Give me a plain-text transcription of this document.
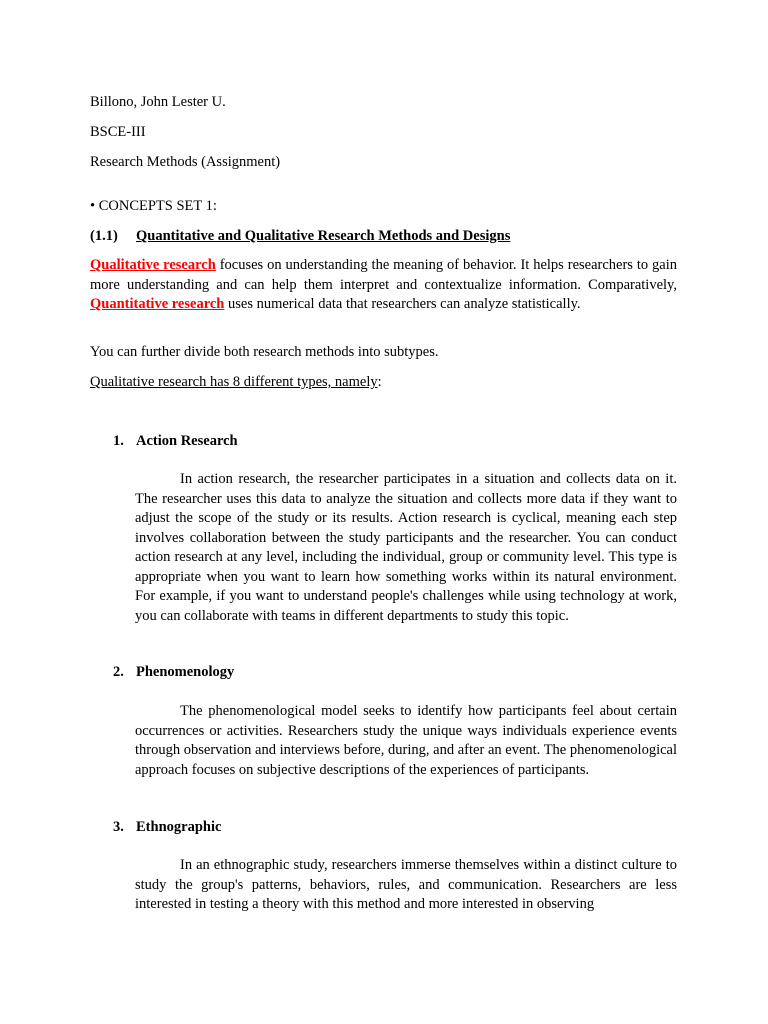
Billono, John Lester U.
BSCE-III
Research Methods (Assignment)
• CONCEPTS SET 1:
(1.1) Quantitative and Qualitative Research Methods and Designs
Qualitative research focuses on understanding the meaning of behavior. It helps researchers to gain more understanding and can help them interpret and contextualize information. Comparatively, Quantitative research uses numerical data that researchers can analyze statistically.
You can further divide both research methods into subtypes.
Qualitative research has 8 different types, namely:
1. Action Research

In action research, the researcher participates in a situation and collects data on it. The researcher uses this data to analyze the situation and collects more data if they want to adjust the scope of the study or its results. Action research is cyclical, meaning each step involves collaboration between the study participants and the researcher. You can conduct action research at any level, including the individual, group or community level. This type is appropriate when you want to learn how something works within its natural environment. For example, if you want to understand people's challenges while using technology at work, you can collaborate with teams in different departments to study this topic.

2. Phenomenology

The phenomenological model seeks to identify how participants feel about certain occurrences or activities. Researchers study the unique ways individuals experience events through observation and interviews before, during, and after an event. The phenomenological approach focuses on subjective descriptions of the experiences of participants.

3. Ethnographic

In an ethnographic study, researchers immerse themselves within a distinct culture to study the group's patterns, behaviors, rules, and communication. Researchers are less interested in testing a theory with this method and more interested in observing
